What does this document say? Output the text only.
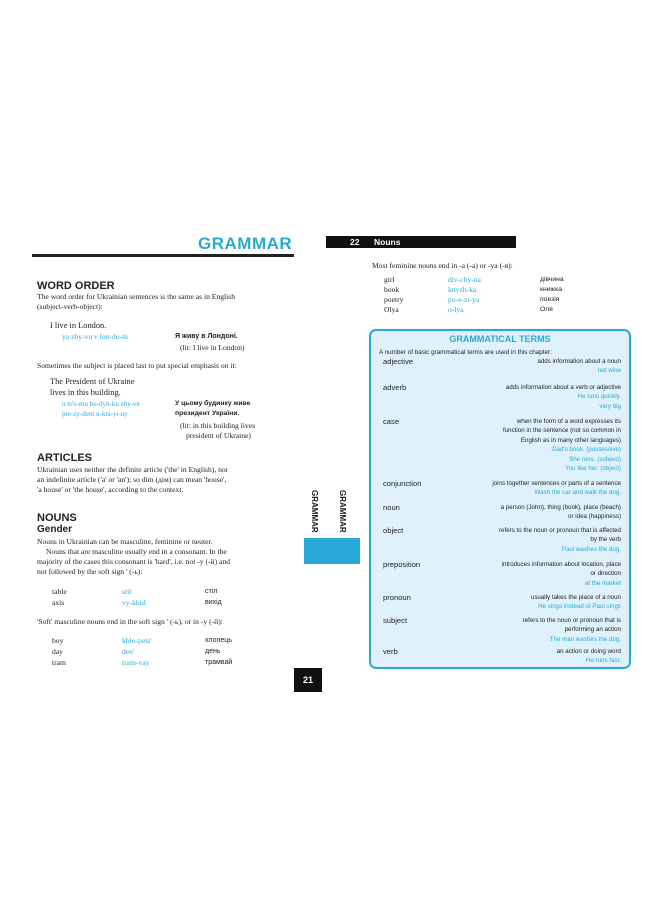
GRAMMAR
WORD ORDER
The word order for Ukrainian sentences is the same as in English
(subject-verb-object):
I live in London.
ya zhy-vu v lon-do-ni	Я живу в Лондоні.
(lit: I live in London)
Sometimes the subject is placed last to put special emphasis on it:
The President of Ukraine
lives in this building.
u ts'o-mu bu-dyn-ku zhy-ve
pre-zy-dent u-kra-yi-ny
У цьому будинку живе
президент України.
(lit: in this building lives
president of Ukraine)
ARTICLES
Ukrainian uses neither the definite article ('the' in English), nor
an indefinite article ('a' or 'an'); so dim (дім) can mean 'house',
'a house' or 'the house', according to the context.
NOUNS
Gender
Nouns in Ukrainian can be masculine, feminine or neuter.
Nouns that are masculine usually end in a consonant. In the
majority of the cases this consonant is 'hard', i.e. not -y (-й) and
not followed by the soft sign ' (-ь):
table	stil	стіл
axis	vy-khid	вихід
'Soft' masculine nouns end in the soft sign ' (-ь), or in -y (-й):
boy	khlo-pets'	хлопець
day	den'	день
tram	tram-vay	трамвай
GRAMMAR GRAMMAR
21
22 Nouns
Most feminine nouns end in -a (-a) or -ya (-я):
girl	div-chy-na	дівчина
book	knyzh-ka	книжка
poetry	po-e-zi-ya	поезія
Olya	o-lya	Оля
GRAMMATICAL TERMS
A number of basic grammatical terms are used in this chapter:
adjective	adds information about a noun
red wine
adverb	adds information about a verb or adjective
He runs quickly.
very big
case	when the form of a word expresses its
function in the sentence (not so common in
English as in many other languages)
Dad's book. (possessive)
She runs. (subject)
You like her. (object)
conjunction	joins together sentences or parts of a sentence
Wash the car and walk the dog.
noun	a person (John), thing (book), place (beach)
or idea (happiness)
object	refers to the noun or pronoun that is affected
by the verb
Paul washes the dog.
preposition	introduces information about location, place
or direction
at the market
pronoun	usually takes the place of a noun
He sings instead of Paul sings
subject	refers to the noun or pronoun that is
performing an action
The man washes the dog.
verb	an action or doing word
He runs fast.
